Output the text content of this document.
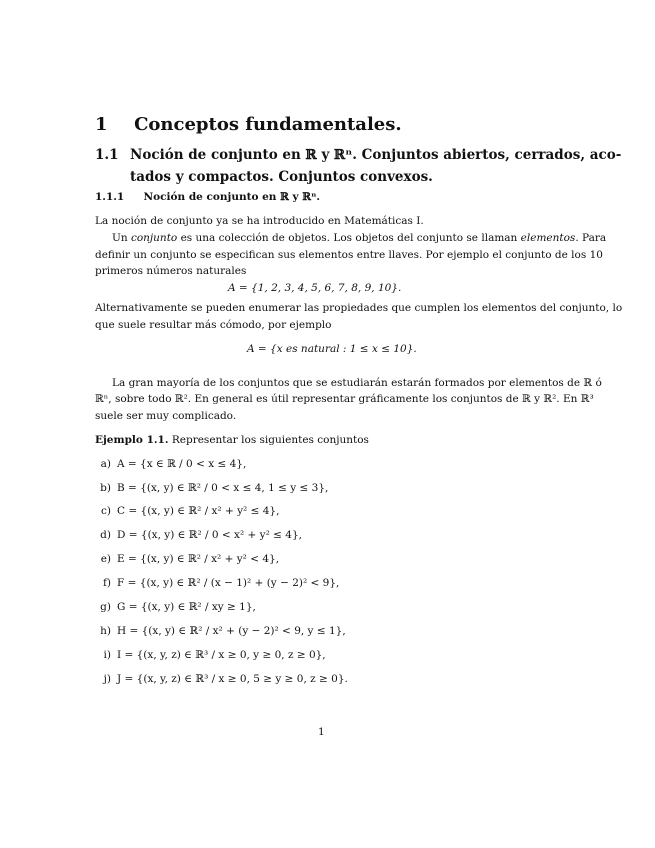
1 Conceptos fundamentales.
1.1 Noción de conjunto en ℝ y ℝⁿ. Conjuntos abiertos, cerrados, aco-
tados y compactos. Conjuntos convexos.
1.1.1 Noción de conjunto en ℝ y ℝⁿ.
La noción de conjunto ya se ha introducido en Matemáticas I.
Un conjunto es una colección de objetos. Los objetos del conjunto se llaman elementos. Para
definir un conjunto se especifican sus elementos entre llaves. Por ejemplo el conjunto de los 10
primeros números naturales
A = {1, 2, 3, 4, 5, 6, 7, 8, 9, 10}.
Alternativamente se pueden enumerar las propiedades que cumplen los elementos del conjunto, lo
que suele resultar más cómodo, por ejemplo
A = {x es natural : 1 ≤ x ≤ 10}.
La gran mayoría de los conjuntos que se estudiarán estarán formados por elementos de ℝ ó
ℝⁿ, sobre todo ℝ². En general es útil representar gráficamente los conjuntos de ℝ y ℝ². En ℝ³
suele ser muy complicado.
Ejemplo 1.1. Representar los siguientes conjuntos
a) A = {x ∈ ℝ / 0 < x ≤ 4},
b) B = {(x, y) ∈ ℝ² / 0 < x ≤ 4, 1 ≤ y ≤ 3},
c) C = {(x, y) ∈ ℝ² / x² + y² ≤ 4},
d) D = {(x, y) ∈ ℝ² / 0 < x² + y² ≤ 4},
e) E = {(x, y) ∈ ℝ² / x² + y² < 4},
f) F = {(x, y) ∈ ℝ² / (x − 1)² + (y − 2)² < 9},
g) G = {(x, y) ∈ ℝ² / xy ≥ 1},
h) H = {(x, y) ∈ ℝ² / x² + (y − 2)² < 9, y ≤ 1},
i) I = {(x, y, z) ∈ ℝ³ / x ≥ 0, y ≥ 0, z ≥ 0},
j) J = {(x, y, z) ∈ ℝ³ / x ≥ 0, 5 ≥ y ≥ 0, z ≥ 0}.
1
